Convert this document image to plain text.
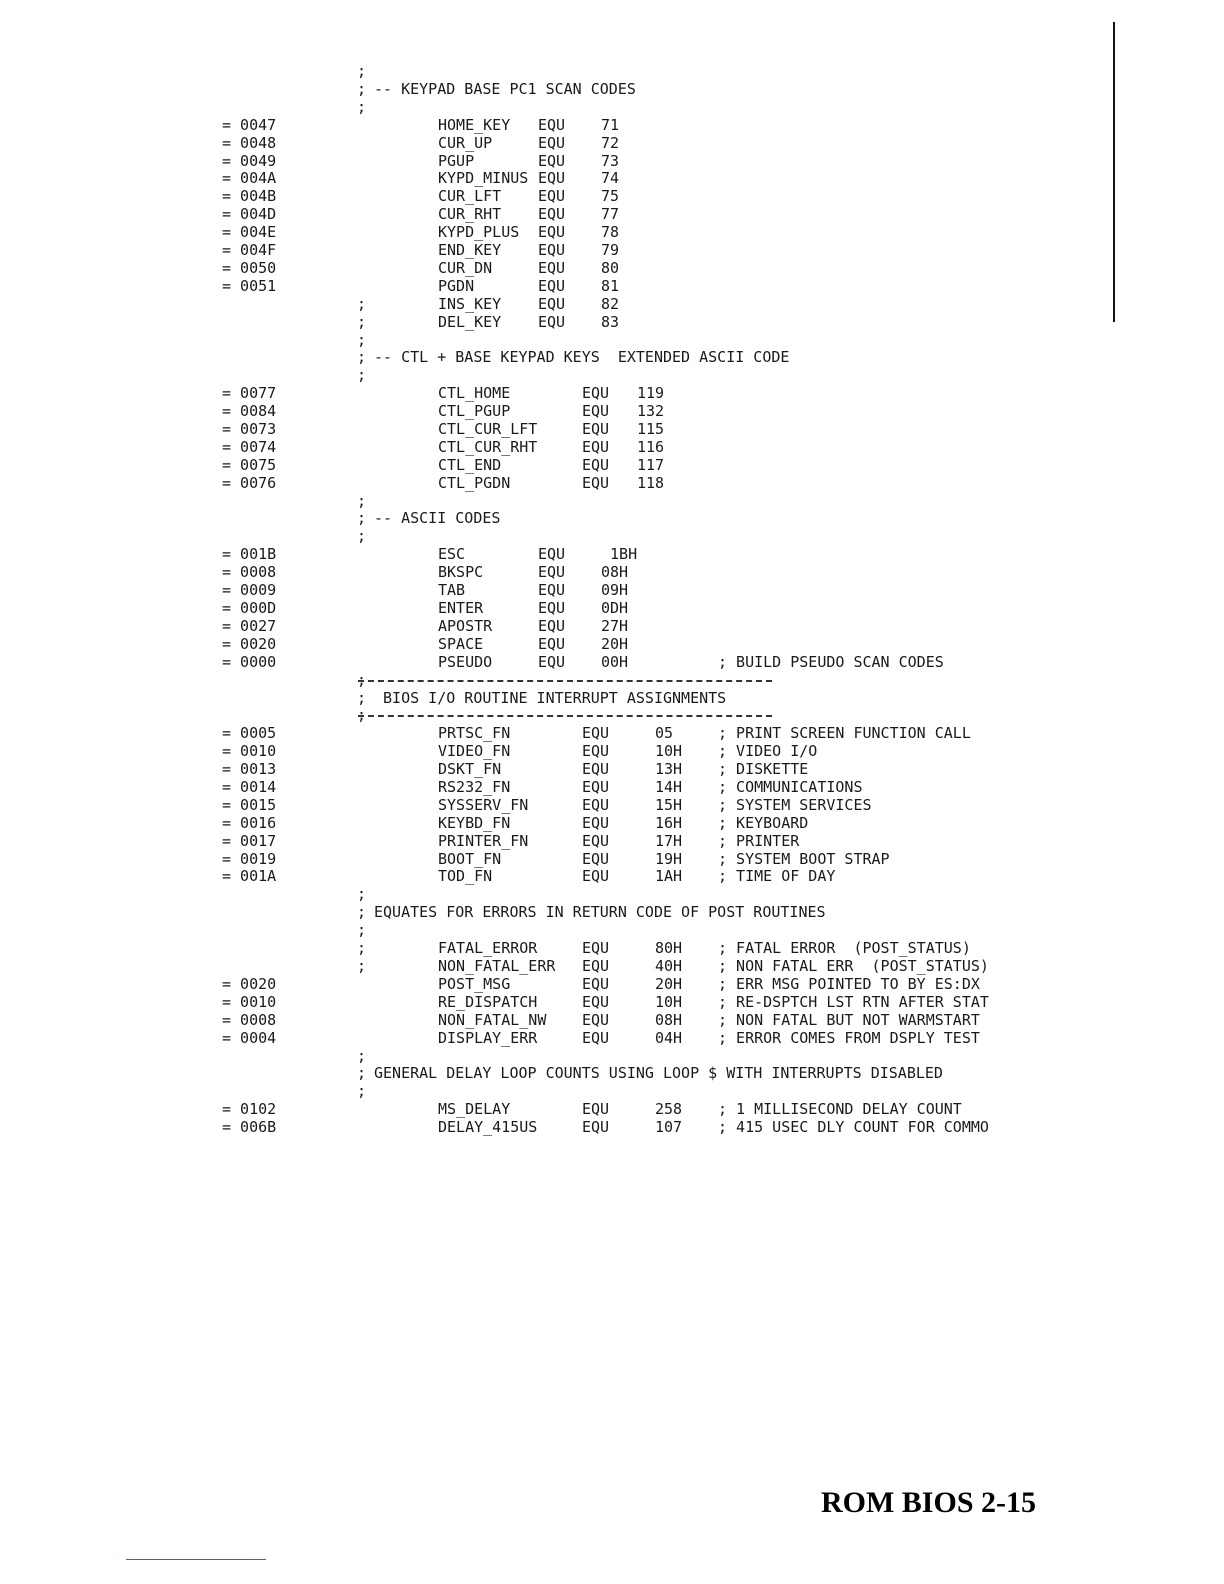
;
; -- KEYPAD BASE PC1 SCAN CODES
;
= 0047	HOME_KEY EQU 71
= 0048	CUR_UP	EQU 72
= 0049	PGUP	EQU 73
= 004A	KYPD_MINUS EQU 74
= 004B	CUR_LFT EQU 75
= 004D	CUR_RHT EQU 77
= 004E	KYPD_PLUS EQU 78
= 004F	END_KEY EQU 79
= 0050	CUR_DN	EQU 80
= 0051	PGDN	EQU 81
;	INS_KEY EQU 82
;	DEL_KEY EQU 83
;
; -- CTL + BASE KEYPAD KEYS  EXTENDED ASCII CODE
;
= 0077	CTL_HOME	EQU 119
= 0084	CTL_PGUP	EQU 132
= 0073	CTL_CUR_LFT	EQU 115
= 0074	CTL_CUR_RHT	EQU 116
= 0075	CTL_END	EQU 117
= 0076	CTL_PGDN	EQU 118
;
; -- ASCII CODES
;
= 001B	ESC	EQU 1BH
= 0008	BKSPC	EQU 08H
= 0009	TAB	EQU 09H
= 000D	ENTER	EQU 0DH
= 0027	APOSTR	EQU 27H
= 0020	SPACE	EQU 20H
= 0000	PSEUDO	EQU 00H	; BUILD PSEUDO SCAN CODES
;
; BIOS I/O ROUTINE INTERRUPT ASSIGNMENTS
;
= 0005	PRTSC_FN	EQU	05	; PRINT SCREEN FUNCTION CALL
= 0010	VIDEO_FN	EQU	10H ; VIDEO I/O
= 0013	DSKT_FN	EQU	13H ; DISKETTE
= 0014	RS232_FN	EQU	14H ; COMMUNICATIONS
= 0015	SYSSERV_FN	EQU	15H ; SYSTEM SERVICES
= 0016	KEYBD_FN	EQU	16H ; KEYBOARD
= 0017	PRINTER_FN	EQU	17H ; PRINTER
= 0019	BOOT_FN	EQU	19H ; SYSTEM BOOT STRAP
= 001A	TOD_FN	EQU	1AH ; TIME OF DAY
;
; EQUATES FOR ERRORS IN RETURN CODE OF POST ROUTINES
;
;	FATAL_ERROR	EQU	80H ; FATAL ERROR  (POST_STATUS)
;	NON_FATAL_ERR EQU	40H ; NON FATAL ERR  (POST_STATUS)
= 0020	POST_MSG	EQU	20H ; ERR MSG POINTED TO BY ES:DX
= 0010	RE_DISPATCH	EQU	10H ; RE-DSPTCH LST RTN AFTER STAT
= 0008	NON_FATAL_NW EQU	08H ; NON FATAL BUT NOT WARMSTART
= 0004	DISPLAY_ERR	EQU	04H ; ERROR COMES FROM DSPLY TEST
;
; GENERAL DELAY LOOP COUNTS USING LOOP $ WITH INTERRUPTS DISABLED
;
= 0102	MS_DELAY	EQU	258 ; 1 MILLISECOND DELAY COUNT
= 006B	DELAY_415US	EQU	107 ; 415 USEC DLY COUNT FOR COMMO
ROM BIOS 2-15
